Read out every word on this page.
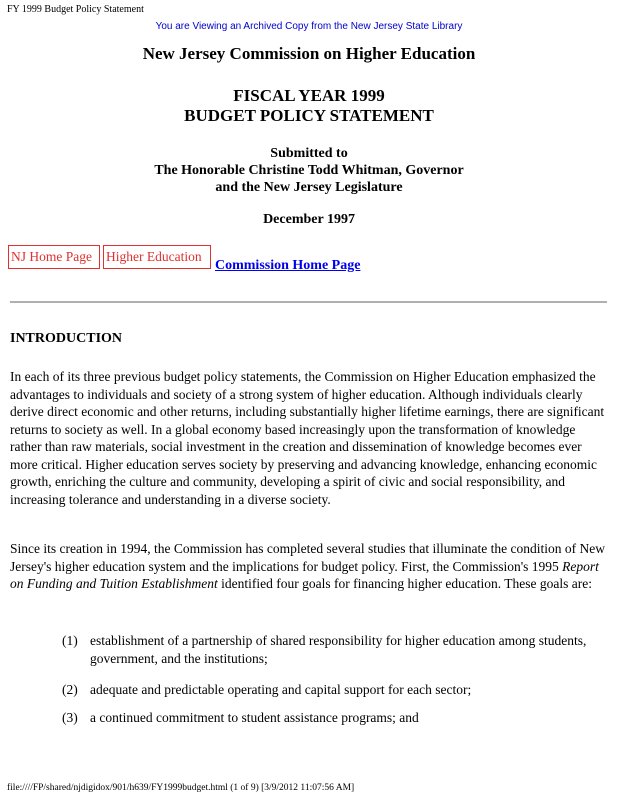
FY 1999 Budget Policy Statement
You are Viewing an Archived Copy from the New Jersey State Library
New Jersey Commission on Higher Education
FISCAL YEAR 1999
BUDGET POLICY STATEMENT
Submitted to
The Honorable Christine Todd Whitman, Governor
and the New Jersey Legislature
December 1997
NJ Home Page	Higher Education
Commission Home Page
INTRODUCTION
In each of its three previous budget policy statements, the Commission on Higher Education emphasized the advantages to individuals and society of a strong system of higher education. Although individuals clearly derive direct economic and other returns, including substantially higher lifetime earnings, there are significant returns to society as well. In a global economy based increasingly upon the transformation of knowledge rather than raw materials, social investment in the creation and dissemination of knowledge becomes ever more critical. Higher education serves society by preserving and advancing knowledge, enhancing economic growth, enriching the culture and community, developing a spirit of civic and social responsibility, and increasing tolerance and understanding in a diverse society.
Since its creation in 1994, the Commission has completed several studies that illuminate the condition of New Jersey's higher education system and the implications for budget policy. First, the Commission's 1995 Report on Funding and Tuition Establishment identified four goals for financing higher education. These goals are:
(1) establishment of a partnership of shared responsibility for higher education among students, government, and the institutions;
(2) adequate and predictable operating and capital support for each sector;
(3) a continued commitment to student assistance programs; and
file:////FP/shared/njdigidox/901/h639/FY1999budget.html (1 of 9) [3/9/2012 11:07:56 AM]
